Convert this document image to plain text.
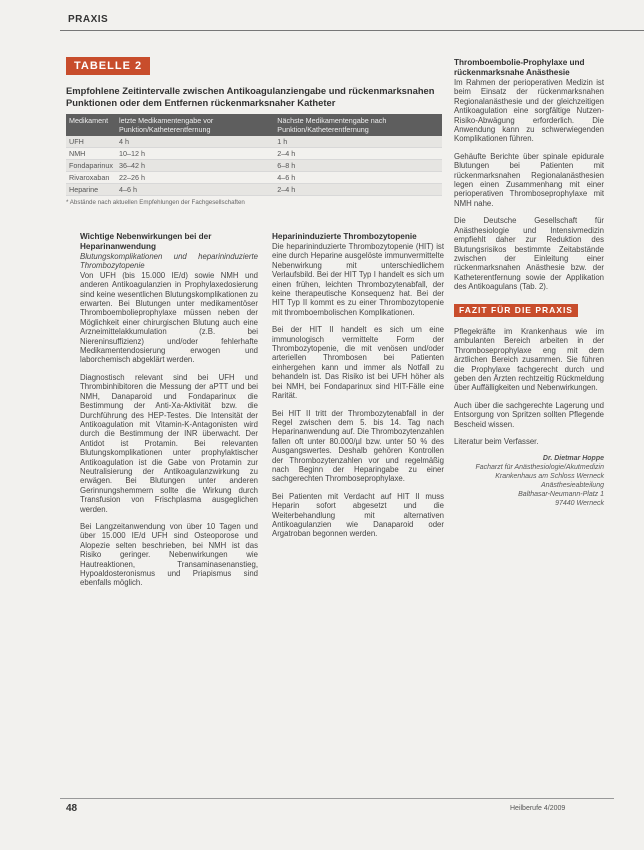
PRAXIS
TABELLE 2
Empfohlene Zeitintervalle zwischen Antikoagulanziengabe und rückenmarksnahen Punktionen oder dem Entfernen rückenmarksnaher Katheter
Medikament	letzte Medikamentengabe vor Punktion/Katheterentfernung	Nächste Medikamentengabe nach Punktion/Katheterentfernung
UFH	4 h	1 h
NMH	10–12 h	2–4 h
Fondaparinux	36–42 h	6–8 h
Rivaroxaban	22–26 h	4–6 h
Heparine	4–6 h	2–4 h
* Abstände nach aktuellen Empfehlungen der Fachgesellschaften
Wichtige Nebenwirkungen bei der Heparinanwendung

Blutungskomplikationen und heparininduzierte Thrombozytopenie

Von UFH (bis 15.000 IE/d) sowie NMH und anderen Antikoagulanzien in Prophylaxedosierung sind keine wesentlichen Blutungskomplikationen zu erwarten. Bei Blutungen unter medikamentöser Thromboembolieprophylaxe müssen neben der Möglichkeit einer chirurgischen Blutung auch eine Arzneimittelakkumulation (z.B. bei Niereninsuffizienz) und/oder fehlerhafte Medikamentendosierung erwogen und laborchemisch abgeklärt werden.

Diagnostisch relevant sind bei UFH und Thrombinhibitoren die Messung der aPTT und bei NMH, Danaparoid und Fondaparinux die Bestimmung der Anti-Xa-Aktivität bzw. die Durchführung des HEP-Testes. Die Intensität der Antikoagulation mit Vitamin-K-Antagonisten wird durch die Bestimmung der INR überwacht. Der Antidot ist Protamin. Bei relevanten Blutungskomplikationen unter prophylaktischer Antikoagulation ist die Gabe von Protamin zur Neutralisierung der Antikoagulanzwirkung zu erwägen. Bei Blutungen unter anderen Gerinnungshemmern sollte die Wirkung durch Transfusion von Frischplasma ausgeglichen werden.

Bei Langzeitanwendung von über 10 Tagen und über 15.000 IE/d UFH sind Osteoporose und Alopezie selten beschrieben, bei NMH ist das Risiko geringer. Nebenwirkungen wie Hautreaktionen, Transaminasenanstieg, Hypoaldosteronismus und Priapismus sind ebenfalls möglich.

Heparininduzierte Thrombozytopenie

Die heparininduzierte Thrombozytopenie (HIT) ist eine durch Heparine ausgelöste immunvermittelte Nebenwirkung mit unterschiedlichem Verlaufsbild. Bei der HIT Typ I handelt es sich um einen frühen, leichten Thrombozytenabfall, der keine therapeutische Konsequenz hat. Bei der HIT Typ II kommt es zu einer Thrombozytopenie mit thromboembolischen Komplikationen.

Bei der HIT II handelt es sich um eine immunologisch vermittelte Form der Thrombozytopenie, die mit venösen und/oder arteriellen Thrombosen bei Patienten einhergehen kann und immer als Notfall zu behandeln ist. Das Risiko ist bei UFH höher als bei NMH, bei Fondaparinux sind HIT-Fälle eine Rarität.

Bei HIT II tritt der Thrombozytenabfall in der Regel zwischen dem 5. bis 14. Tag nach Heparinanwendung auf. Die Thrombozytenzahlen fallen oft unter 80.000/µl bzw. unter 50 % des Ausgangswertes. Deshalb gehören Kontrollen der Thrombozytenzahlen vor und regelmäßig nach Beginn der Heparingabe zu einer sachgerechten Thromboseprophylaxe.

Bei Patienten mit Verdacht auf HIT II muss Heparin sofort abgesetzt und die Weiterbehandlung mit alternativen Antikoagulanzien wie Danaparoid oder Argatroban begonnen werden.

Thromboembolie-Prophylaxe und rückenmarksnahe Anästhesie

Im Rahmen der perioperativen Medizin ist beim Einsatz der rückenmarksnahen Regionalanästhesie und der gleichzeitigen Antikoagulation eine sorgfältige Nutzen-Risiko-Abwägung erforderlich. Die Anwendung kann zu schwerwiegenden Komplikationen führen.

Gehäufte Berichte über spinale epidurale Blutungen bei Patienten mit rückenmarksnahen Regionalanästhesien legen einen Zusammenhang mit einer perioperativen Thromboseprophylaxe mit NMH nahe.

Die Deutsche Gesellschaft für Anästhesiologie und Intensivmedizin empfiehlt daher zur Reduktion des Blutungsrisikos bestimmte Zeitabstände zwischen der Einleitung einer rückenmarksnahen Anästhesie bzw. der Katheterentfernung sowie der Applikation des Antikoagulans (Tab. 2).

FAZIT FÜR DIE PRAXIS

Pflegekräfte im Krankenhaus wie im ambulanten Bereich arbeiten in der Thromboseprophylaxe eng mit dem ärztlichen Bereich zusammen. Sie führen die Prophylaxe fachgerecht durch und geben den Ärzten rechtzeitig Rückmeldung über Auffälligkeiten und Nebenwirkungen.

Auch über die sachgerechte Lagerung und Entsorgung von Spritzen sollten Pflegende Bescheid wissen.

Literatur beim Verfasser.

Dr. Dietmar Hoppe
Facharzt für Anästhesiologie/Akutmedizin
Krankenhaus am Schloss Werneck
Anästhesieabteilung
Balthasar-Neumann-Platz 1
97440 Werneck
48	Heilberufe 4/2009
